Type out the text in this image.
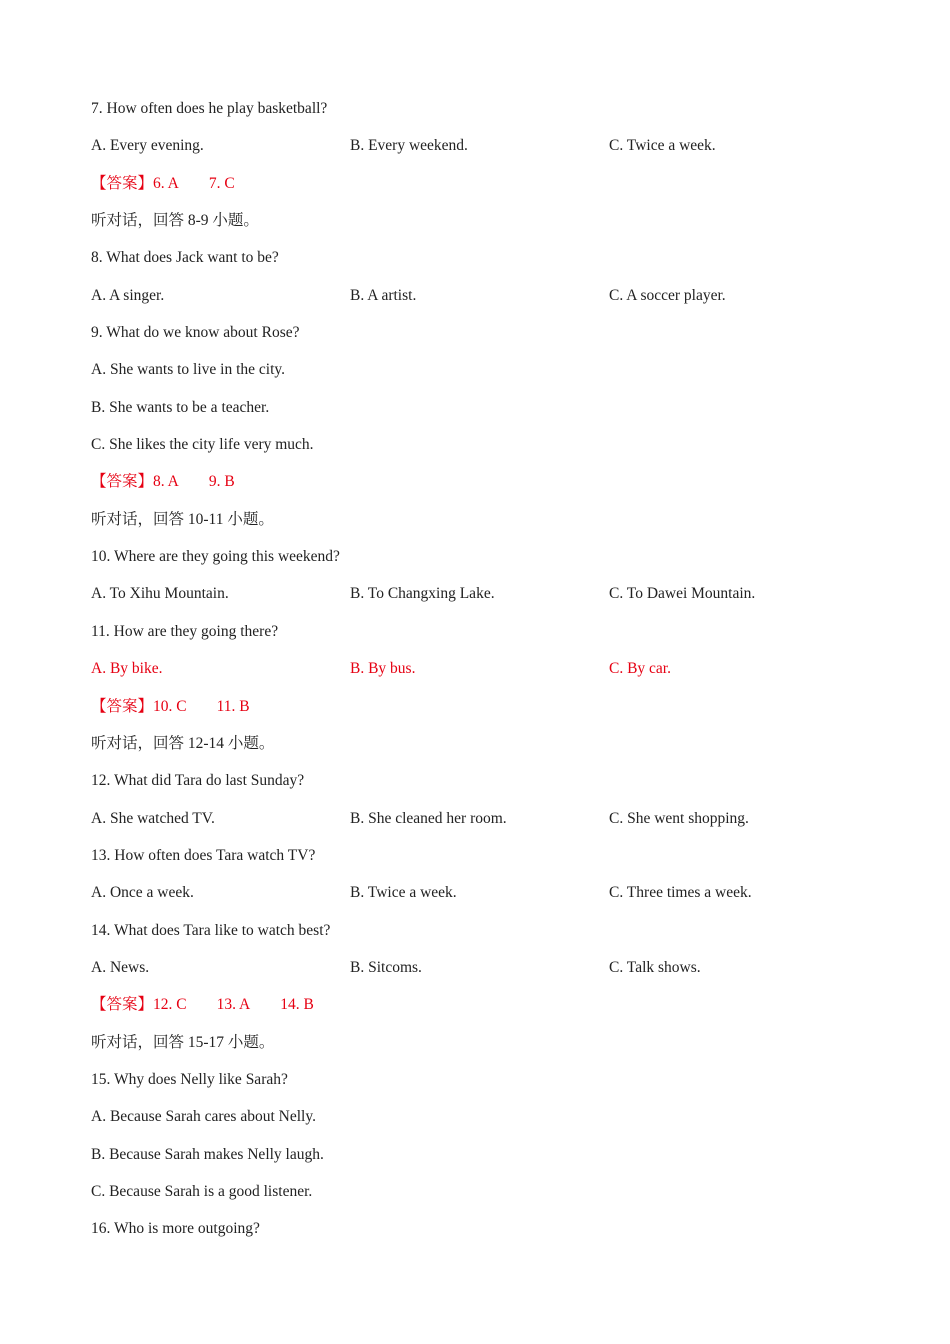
7. How often does he play basketball?
A. Every evening.	B. Every weekend.	C. Twice a week.
【答案】6. A 7. C
听对话，回答 8-9 小题。
8. What does Jack want to be?
A. A singer.	B. A artist.	C. A soccer player.
9. What do we know about Rose?
A. She wants to live in the city.
B. She wants to be a teacher.
C. She likes the city life very much.
【答案】8. A 9. B
听对话，回答 10-11 小题。
10. Where are they going this weekend?
A. To Xihu Mountain.	B. To Changxing Lake.	C. To Dawei Mountain.
11. How are they going there?
A. By bike.	B. By bus.	C. By car.
【答案】10. C 11. B
听对话，回答 12-14 小题。
12. What did Tara do last Sunday?
A. She watched TV.	B. She cleaned her room.	C. She went shopping.
13. How often does Tara watch TV?
A. Once a week.	B. Twice a week.	C. Three times a week.
14. What does Tara like to watch best?
A. News.	B. Sitcoms.	C. Talk shows.
【答案】12. C 13. A 14. B
听对话，回答 15-17 小题。
15. Why does Nelly like Sarah?
A. Because Sarah cares about Nelly.
B. Because Sarah makes Nelly laugh.
C. Because Sarah is a good listener.
16. Who is more outgoing?
